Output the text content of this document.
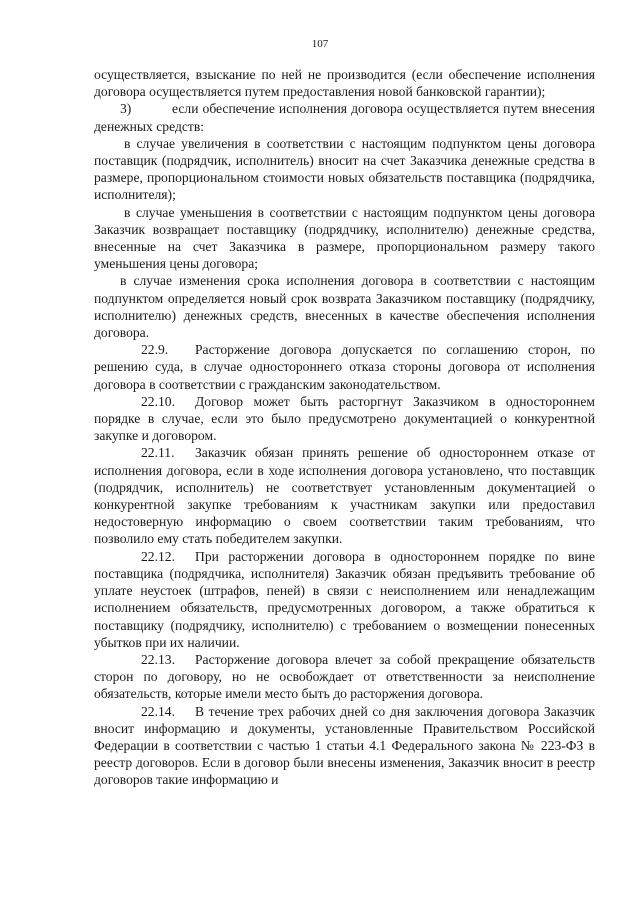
107

осуществляется, взыскание по ней не производится (если обеспечение исполнения договора осуществляется путем предоставления новой банковской гарантии);

3)	если обеспечение исполнения договора осуществляется путем внесения денежных средств:

в случае увеличения в соответствии с настоящим подпунктом цены договора поставщик (подрядчик, исполнитель) вносит на счет Заказчика денежные средства в размере, пропорциональном стоимости новых обязательств поставщика (подрядчика, исполнителя);

в случае уменьшения в соответствии с настоящим подпунктом цены договора Заказчик возвращает поставщику (подрядчику, исполнителю) денежные средства, внесенные на счет Заказчика в размере, пропорциональном размеру такого уменьшения цены договора;

в случае изменения срока исполнения договора в соответствии с настоящим подпунктом определяется новый срок возврата Заказчиком поставщику (подрядчику, исполнителю) денежных средств, внесенных в качестве обеспечения исполнения договора.

22.9. Расторжение договора допускается по соглашению сторон, по решению суда, в случае одностороннего отказа стороны договора от исполнения договора в соответствии с гражданским законодательством.

22.10. Договор может быть расторгнут Заказчиком в одностороннем порядке в случае, если это было предусмотрено документацией о конкурентной закупке и договором.

22.11. Заказчик обязан принять решение об одностороннем отказе от исполнения договора, если в ходе исполнения договора установлено, что поставщик (подрядчик, исполнитель) не соответствует установленным документацией о конкурентной закупке требованиям к участникам закупки или предоставил недостоверную информацию о своем соответствии таким требованиям, что позволило ему стать победителем закупки.

22.12. При расторжении договора в одностороннем порядке по вине поставщика (подрядчика, исполнителя) Заказчик обязан предъявить требование об уплате неустоек (штрафов, пеней) в связи с неисполнением или ненадлежащим исполнением обязательств, предусмотренных договором, а также обратиться к поставщику (подрядчику, исполнителю) с требованием о возмещении понесенных убытков при их наличии.

22.13. Расторжение договора влечет за собой прекращение обязательств сторон по договору, но не освобождает от ответственности за неисполнение обязательств, которые имели место быть до расторжения договора.

22.14. В течение трех рабочих дней со дня заключения договора Заказчик вносит информацию и документы, установленные Правительством Российской Федерации в соответствии с частью 1 статьи 4.1 Федерального закона № 223-ФЗ в реестр договоров. Если в договор были внесены изменения, Заказчик вносит в реестр договоров такие информацию и
